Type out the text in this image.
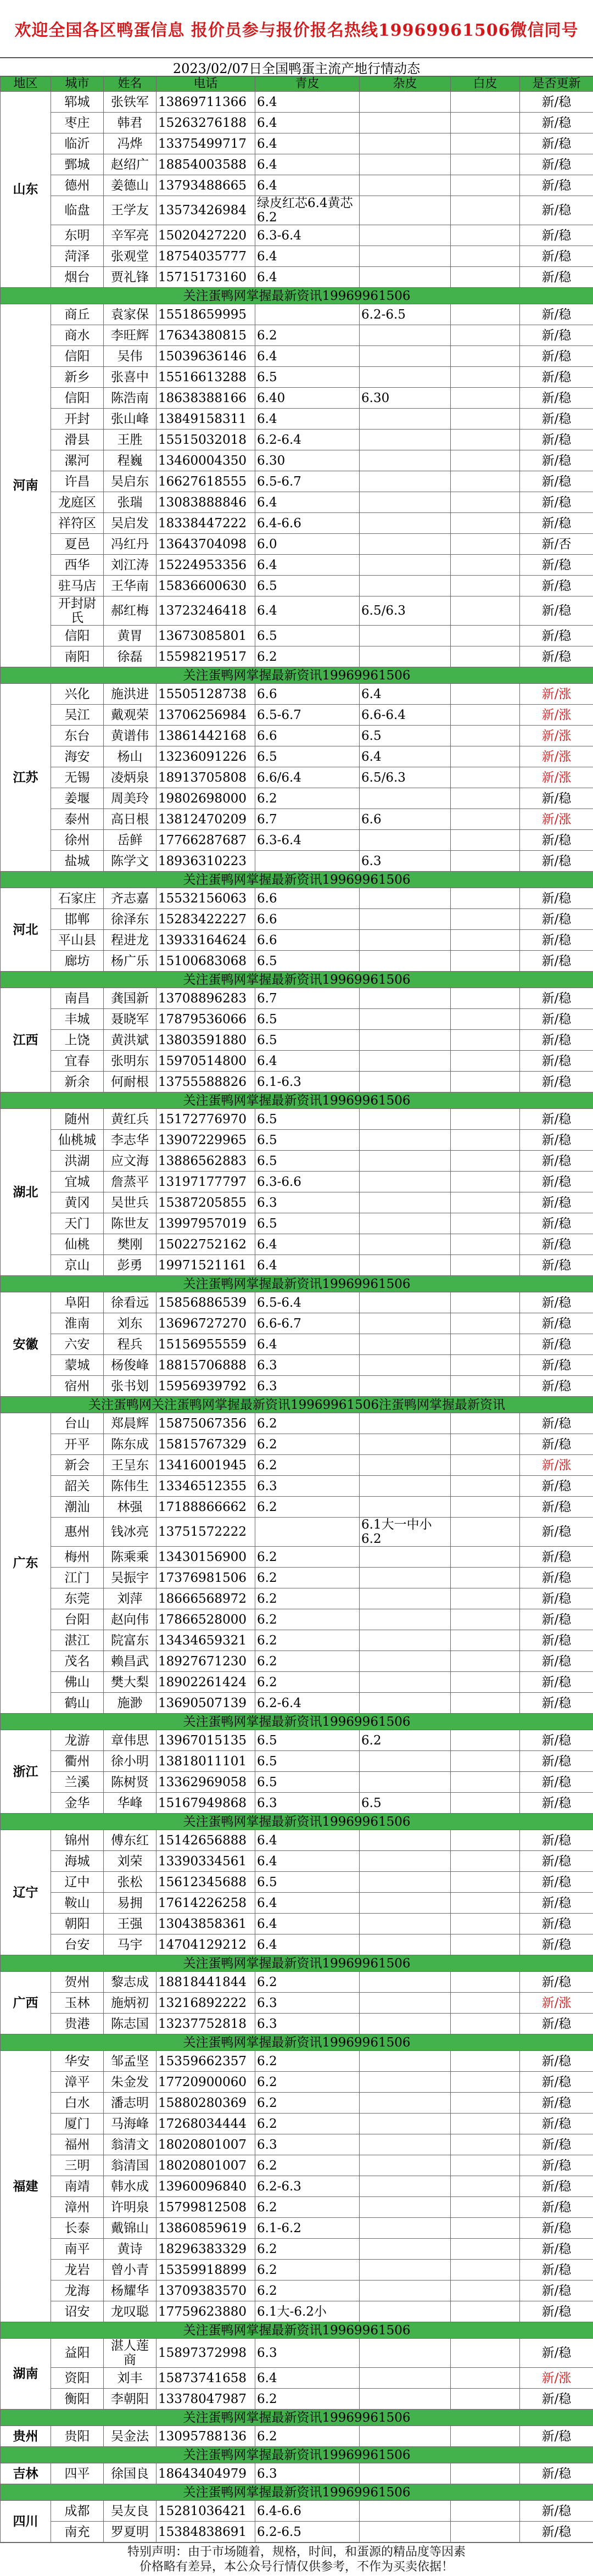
欢迎全国各区鸭蛋信息 报价员参与报价报名热线19969961506微信同号
2023/02/07日全国鸭蛋主流产地行情动态
地区	城市	姓名	电话	青皮	杂皮	白皮	是否更新
山东	郓城	张铁军	13869711366	6.4			新/稳
	枣庄	韩君	15263276188	6.4			新/稳
	临沂	冯烨	13375499717	6.4			新/稳
	鄄城	赵绍广	18854003588	6.4			新/稳
	德州	姜德山	13793488665	6.4			新/稳
	临盘	王学友	13573426984	绿皮红芯6.4黄芯6.2			新/稳
	东明	辛军亮	15020427220	6.3-6.4			新/稳
	菏泽	张观堂	18754035777	6.4			新/稳
	烟台	贾礼锋	15715173160	6.4			新/稳
关注蛋鸭网掌握最新资讯19969961506							
河南	商丘	袁家保	15518659995		6.2-6.5		新/稳
	商水	李旺辉	17634380815	6.2			新/稳
	信阳	吴伟	15039636146	6.4			新/稳
	新乡	张喜中	15516613288	6.5			新/稳
	信阳	陈浩南	18638388166	6.40	6.30		新/稳
	开封	张山峰	13849158311	6.4			新/稳
	滑县	王胜	15515032018	6.2-6.4			新/稳
	漯河	程巍	13460004350	6.30			新/稳
	许昌	吴启东	16627618555	6.5-6.7			新/稳
	龙庭区	张瑞	13083888846	6.4			新/稳
	祥符区	吴启发	18338447222	6.4-6.6			新/稳
	夏邑	冯红丹	13643704098	6.0			新/否
	西华	刘江涛	15224953356	6.4			新/稳
	驻马店	王华南	15836600630	6.5			新/稳
	开封尉氏	郝红梅	13723246418	6.4	6.5/6.3		新/稳
	信阳	黄胃	13673085801	6.5			新/稳
	南阳	徐磊	15598219517	6.2			新/稳
关注蛋鸭网掌握最新资讯19969961506							
江苏	兴化	施洪进	15505128738	6.6	6.4		新/涨
	吴江	戴观荣	13706256984	6.5-6.7	6.6-6.4		新/涨
	东台	黄谱伟	13861442168	6.6	6.5		新/涨
	海安	杨山	13236091226	6.5	6.4		新/涨
	无锡	凌炳泉	18913705808	6.6/6.4	6.5/6.3		新/涨
	姜堰	周美玲	19802698000	6.2			新/稳
	泰州	高日根	13812470209	6.7	6.6		新/涨
	徐州	岳鲜	17766287687	6.3-6.4			新/稳
	盐城	陈学文	18936310223		6.3		新/稳
关注蛋鸭网掌握最新资讯19969961506							
河北	石家庄	齐志嘉	15532156063	6.6			新/稳
	邯郸	徐泽东	15283422227	6.6			新/稳
	平山县	程进龙	13933164624	6.6			新/稳
	廊坊	杨广乐	15100683068	6.5			新/稳
关注蛋鸭网掌握最新资讯19969961506							
江西	南昌	龚国新	13708896283	6.7			新/稳
	丰城	聂晓军	17879536066	6.5			新/稳
	上饶	黄洪斌	13803591880	6.5			新/稳
	宜春	张明东	15970514800	6.4			新/稳
	新余	何耐根	13755588826	6.1-6.3			新/稳
关注蛋鸭网掌握最新资讯19969961506							
湖北	随州	黄红兵	15172776970	6.5			新/稳
	仙桃城	李志华	13907229965	6.5			新/稳
	洪湖	应文海	13886562883	6.5			新/稳
	宜城	詹蒸平	13197177797	6.3-6.6			新/稳
	黄冈	吴世兵	15387205855	6.3			新/稳
	天门	陈世友	13997957019	6.5			新/稳
	仙桃	樊刚	15022752162	6.4			新/稳
	京山	彭勇	19971521161	6.4			新/稳
关注蛋鸭网掌握最新资讯19969961506							
安徽	阜阳	徐看远	15856886539	6.5-6.4			新/稳
	淮南	刘东	13696727270	6.6-6.7			新/稳
	六安	程兵	15156955559	6.4			新/稳
	蒙城	杨俊峰	18815706888	6.3			新/稳
	宿州	张书划	15956939792	6.3			新/稳
关注蛋鸭网关注蛋鸭网掌握最新资讯19969961506注蛋鸭网掌握最新资讯							
广东	台山	郑晨辉	15875067356	6.2			新/稳
	开平	陈东成	15815767329	6.2			新/稳
	新会	王呈东	13416001945	6.2			新/涨
	韶关	陈伟生	13346512355	6.3			新/稳
	潮汕	林强	17188866662	6.2			新/稳
	惠州	钱冰亮	13751572222		6.1大一中小6.2		新/稳
	梅州	陈乘乘	13430156900	6.2			新/稳
	江门	吴振宇	17376981506	6.2			新/稳
	东莞	刘萍	18666568972	6.2			新/稳
	台阳	赵向伟	17866528000	6.2			新/稳
	湛江	院富东	13434659321	6.2			新/稳
	茂名	赖昌武	18927671230	6.2			新/稳
	佛山	樊大梨	18902261424	6.2			新/稳
	鹤山	施渺	13690507139	6.2-6.4			新/稳
关注蛋鸭网掌握最新资讯19969961506							
浙江	龙游	章伟思	13967015135	6.5	6.2		新/稳
	衢州	徐小明	13818011101	6.5			新/稳
	兰溪	陈树贤	13362969058	6.5			新/稳
	金华	华峰	15167949868	6.3	6.5		新/稳
关注蛋鸭网掌握最新资讯19969961506							
辽宁	锦州	傅东红	15142656888	6.4			新/稳
	海城	刘荣	13390334561	6.4			新/稳
	辽中	张松	15612345688	6.5			新/稳
	鞍山	易拥	17614226258	6.4			新/稳
	朝阳	王强	13043858361	6.4			新/稳
	台安	马宇	14704129212	6.4			新/稳
关注蛋鸭网掌握最新资讯19969961506							
广西	贺州	黎志成	18818441844	6.2			新/稳
	玉林	施炳初	13216892222	6.3			新/涨
	贵港	陈志国	13237752818	6.3			新/稳
关注蛋鸭网掌握最新资讯19969961506							
福建	华安	邹孟坚	15359662357	6.2			新/稳
	漳平	朱金发	17720900060	6.2			新/稳
	白水	潘志明	15880280369	6.2			新/稳
	厦门	马海峰	17268034444	6.2			新/稳
	福州	翁清文	18020801007	6.3			新/稳
	三明	翁清国	18020801007	6.2			新/稳
	南靖	韩水成	13960096840	6.2-6.3			新/稳
	漳州	许明泉	15799812508	6.2			新/稳
	长泰	戴锦山	13860859619	6.1-6.2			新/稳
	南平	黄诗	18296383329	6.2			新/稳
	龙岩	曾小青	15359918899	6.2			新/稳
	龙海	杨耀华	13709383570	6.2			新/稳
	诏安	龙叹聪	17759623880	6.1大-6.2小			新/稳
关注蛋鸭网掌握最新资讯19969961506							
湖南	益阳	湛人莲商	15897372998	6.3			新/稳
	资阳	刘丰	15873741658	6.4			新/涨
	衡阳	李朝阳	13378047987	6.2			新/稳
关注蛋鸭网掌握最新资讯19969961506							
贵州	贵阳	吴金法	13095788136	6.2			新/稳
关注蛋鸭网掌握最新资讯19969961506							
吉林	四平	徐国良	18643404979	6.3			新/稳
关注蛋鸭网掌握最新资讯19969961506							
四川	成都	吴友良	15281036421	6.4-6.6			新/稳
	南充	罗夏明	15384838691	6.2-6.5			新/稳
特别声明：由于市场随着，规格，时间，和蛋源的精品度等因素
价格略有差异，本公众号行情仅供参考，不作为买卖依据！
